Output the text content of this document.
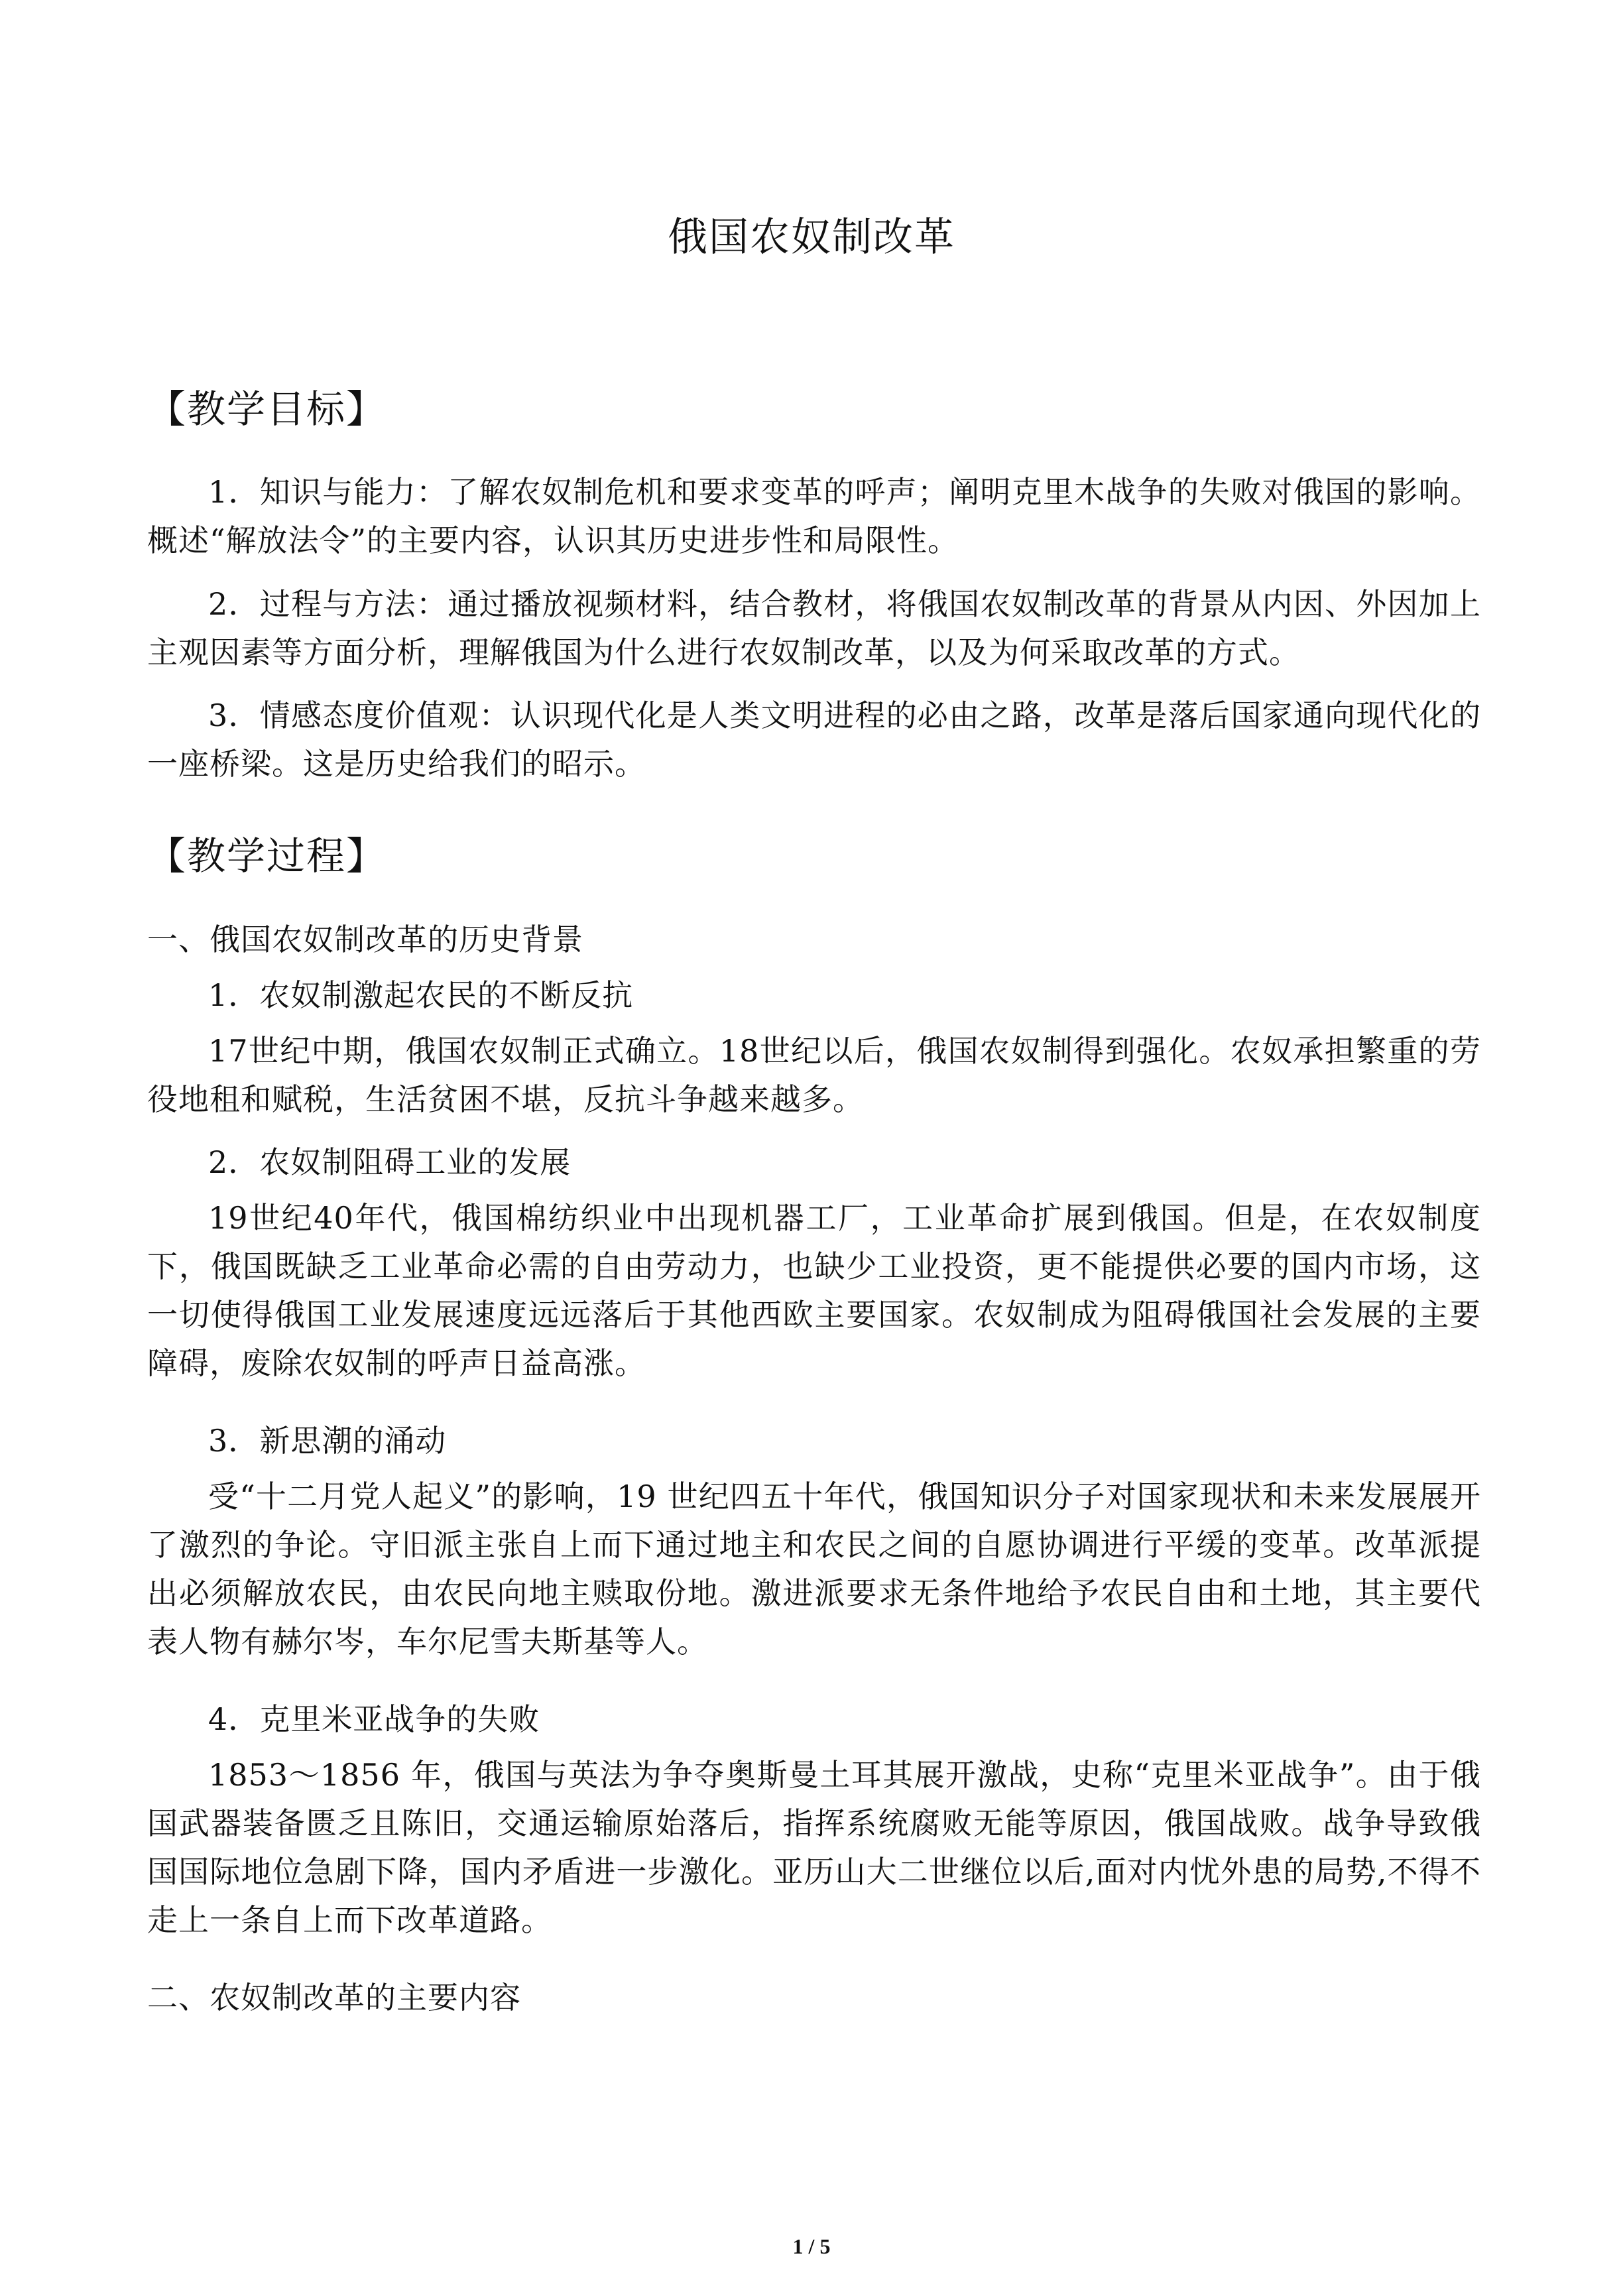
俄国农奴制改革
【教学目标】

1．知识与能力：了解农奴制危机和要求变革的呼声；阐明克里木战争的失败对俄国的影响。概述“解放法令”的主要内容，认识其历史进步性和局限性。

2．过程与方法：通过播放视频材料，结合教材，将俄国农奴制改革的背景从内因、外因加上主观因素等方面分析，理解俄国为什么进行农奴制改革，以及为何采取改革的方式。

3．情感态度价值观：认识现代化是人类文明进程的必由之路，改革是落后国家通向现代化的一座桥梁。这是历史给我们的昭示。

【教学过程】

一、俄国农奴制改革的历史背景

1．农奴制激起农民的不断反抗

17世纪中期，俄国农奴制正式确立。18世纪以后，俄国农奴制得到强化。农奴承担繁重的劳役地租和赋税，生活贫困不堪，反抗斗争越来越多。

2．农奴制阻碍工业的发展

19世纪40年代，俄国棉纺织业中出现机器工厂，工业革命扩展到俄国。但是，在农奴制度下，俄国既缺乏工业革命必需的自由劳动力，也缺少工业投资，更不能提供必要的国内市场，这一切使得俄国工业发展速度远远落后于其他西欧主要国家。农奴制成为阻碍俄国社会发展的主要障碍，废除农奴制的呼声日益高涨。

3．新思潮的涌动

受“十二月党人起义”的影响，19 世纪四五十年代，俄国知识分子对国家现状和未来发展展开了激烈的争论。守旧派主张自上而下通过地主和农民之间的自愿协调进行平缓的变革。改革派提出必须解放农民，由农民向地主赎取份地。激进派要求无条件地给予农民自由和土地，其主要代表人物有赫尔岑，车尔尼雪夫斯基等人。

4．克里米亚战争的失败

1853～1856 年，俄国与英法为争夺奥斯曼土耳其展开激战，史称“克里米亚战争”。由于俄国武器装备匮乏且陈旧，交通运输原始落后，指挥系统腐败无能等原因，俄国战败。战争导致俄国国际地位急剧下降，国内矛盾进一步激化。亚历山大二世继位以后,面对内忧外患的局势,不得不走上一条自上而下改革道路。

二、农奴制改革的主要内容

1 / 5
